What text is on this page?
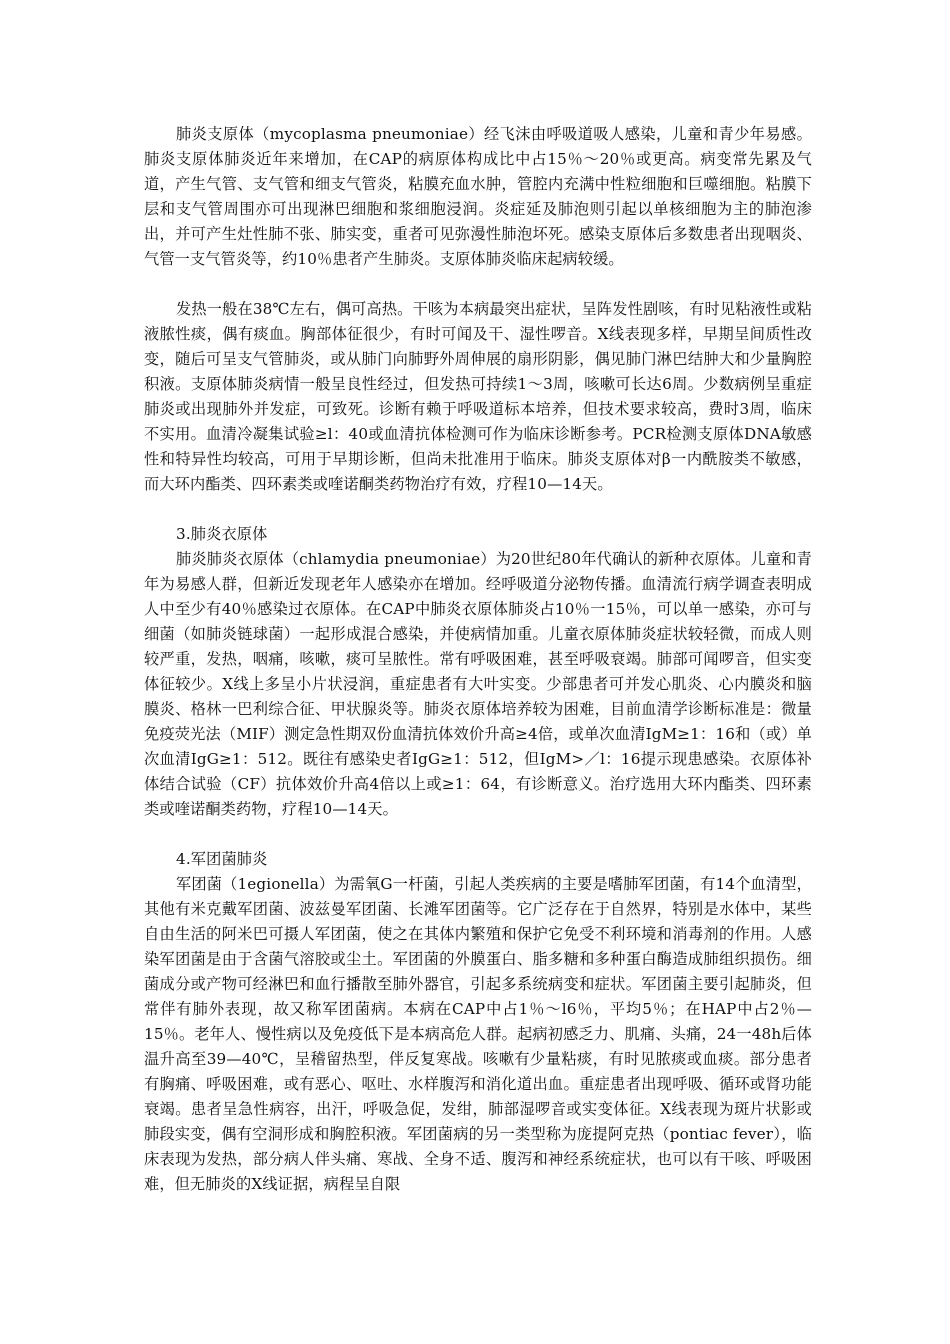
肺炎支原体（mycoplasma pneumoniae）经飞沫由呼吸道吸人感染，儿童和青少年易感。肺炎支原体肺炎近年来增加，在CAP的病原体构成比中占15％～20％或更高。病变常先累及气道，产生气管、支气管和细支气管炎，粘膜充血水肿，管腔内充满中性粒细胞和巨噬细胞。粘膜下层和支气管周围亦可出现淋巴细胞和浆细胞浸润。炎症延及肺泡则引起以单核细胞为主的肺泡渗出，并可产生灶性肺不张、肺实变，重者可见弥漫性肺泡坏死。感染支原体后多数患者出现咽炎、气管一支气管炎等，约10％患者产生肺炎。支原体肺炎临床起病较缓。

发热一般在38℃左右，偶可高热。干咳为本病最突出症状，呈阵发性剧咳，有时见粘液性或粘液脓性痰，偶有痰血。胸部体征很少，有时可闻及干、湿性啰音。X线表现多样，早期呈间质性改变，随后可呈支气管肺炎，或从肺门向肺野外周伸展的扇形阴影，偶见肺门淋巴结肿大和少量胸腔积液。支原体肺炎病情一般呈良性经过，但发热可持续1～3周，咳嗽可长达6周。少数病例呈重症肺炎或出现肺外并发症，可致死。诊断有赖于呼吸道标本培养，但技术要求较高，费时3周，临床不实用。血清冷凝集试验≥l：40或血清抗体检测可作为临床诊断参考。PCR检测支原体DNA敏感性和特异性均较高，可用于早期诊断，但尚未批准用于临床。肺炎支原体对β一内酰胺类不敏感，而大环内酯类、四环素类或喹诺酮类药物治疗有效，疗程10—14天。

3.肺炎衣原体

肺炎肺炎衣原体（chlamydia pneumoniae）为20世纪80年代确认的新种衣原体。儿童和青年为易感人群，但新近发现老年人感染亦在增加。经呼吸道分泌物传播。血清流行病学调查表明成人中至少有40％感染过衣原体。在CAP中肺炎衣原体肺炎占10％一15％，可以单一感染，亦可与细菌（如肺炎链球菌）一起形成混合感染，并使病情加重。儿童衣原体肺炎症状较轻微，而成人则较严重，发热，咽痛，咳嗽，痰可呈脓性。常有呼吸困难，甚至呼吸衰竭。肺部可闻啰音，但实变体征较少。X线上多呈小片状浸润，重症患者有大叶实变。少部患者可并发心肌炎、心内膜炎和脑膜炎、格林一巴利综合征、甲状腺炎等。肺炎衣原体培养较为困难，目前血清学诊断标准是：微量免疫荧光法（MIF）测定急性期双份血清抗体效价升高≥4倍，或单次血清IgM≥1：16和（或）单次血清IgG≥1：512。既往有感染史者IgG≥1：512，但IgM>／l：16提示现患感染。衣原体补体结合试验（CF）抗体效价升高4倍以上或≥1：64，有诊断意义。治疗选用大环内酯类、四环素类或喹诺酮类药物，疗程10—14天。

4.军团菌肺炎

军团菌（1egionella）为需氧G一杆菌，引起人类疾病的主要是嗜肺军团菌，有14个血清型，其他有米克戴军团菌、波兹曼军团菌、长滩军团菌等。它广泛存在于自然界，特别是水体中，某些自由生活的阿米巴可摄人军团菌，使之在其体内繁殖和保护它免受不利环境和消毒剂的作用。人感染军团菌是由于含菌气溶胶或尘土。军团菌的外膜蛋白、脂多糖和多种蛋白酶造成肺组织损伤。细菌成分或产物可经淋巴和血行播散至肺外器官，引起多系统病变和症状。军团菌主要引起肺炎，但常伴有肺外表现，故又称军团菌病。本病在CAP中占1％～l6％，平均5％；在HAP中占2％—15％。老年人、慢性病以及免疫低下是本病高危人群。起病初感乏力、肌痛、头痛，24一48h后体温升高至39—40℃，呈稽留热型，伴反复寒战。咳嗽有少量粘痰，有时见脓痰或血痰。部分患者有胸痛、呼吸困难，或有恶心、呕吐、水样腹泻和消化道出血。重症患者出现呼吸、循环或肾功能衰竭。患者呈急性病容，出汗，呼吸急促，发绀，肺部湿啰音或实变体征。X线表现为斑片状影或肺段实变，偶有空洞形成和胸腔积液。军团菌病的另一类型称为庞提阿克热（pontiac fever），临床表现为发热，部分病人伴头痛、寒战、全身不适、腹泻和神经系统症状，也可以有干咳、呼吸困难，但无肺炎的X线证据，病程呈自限
